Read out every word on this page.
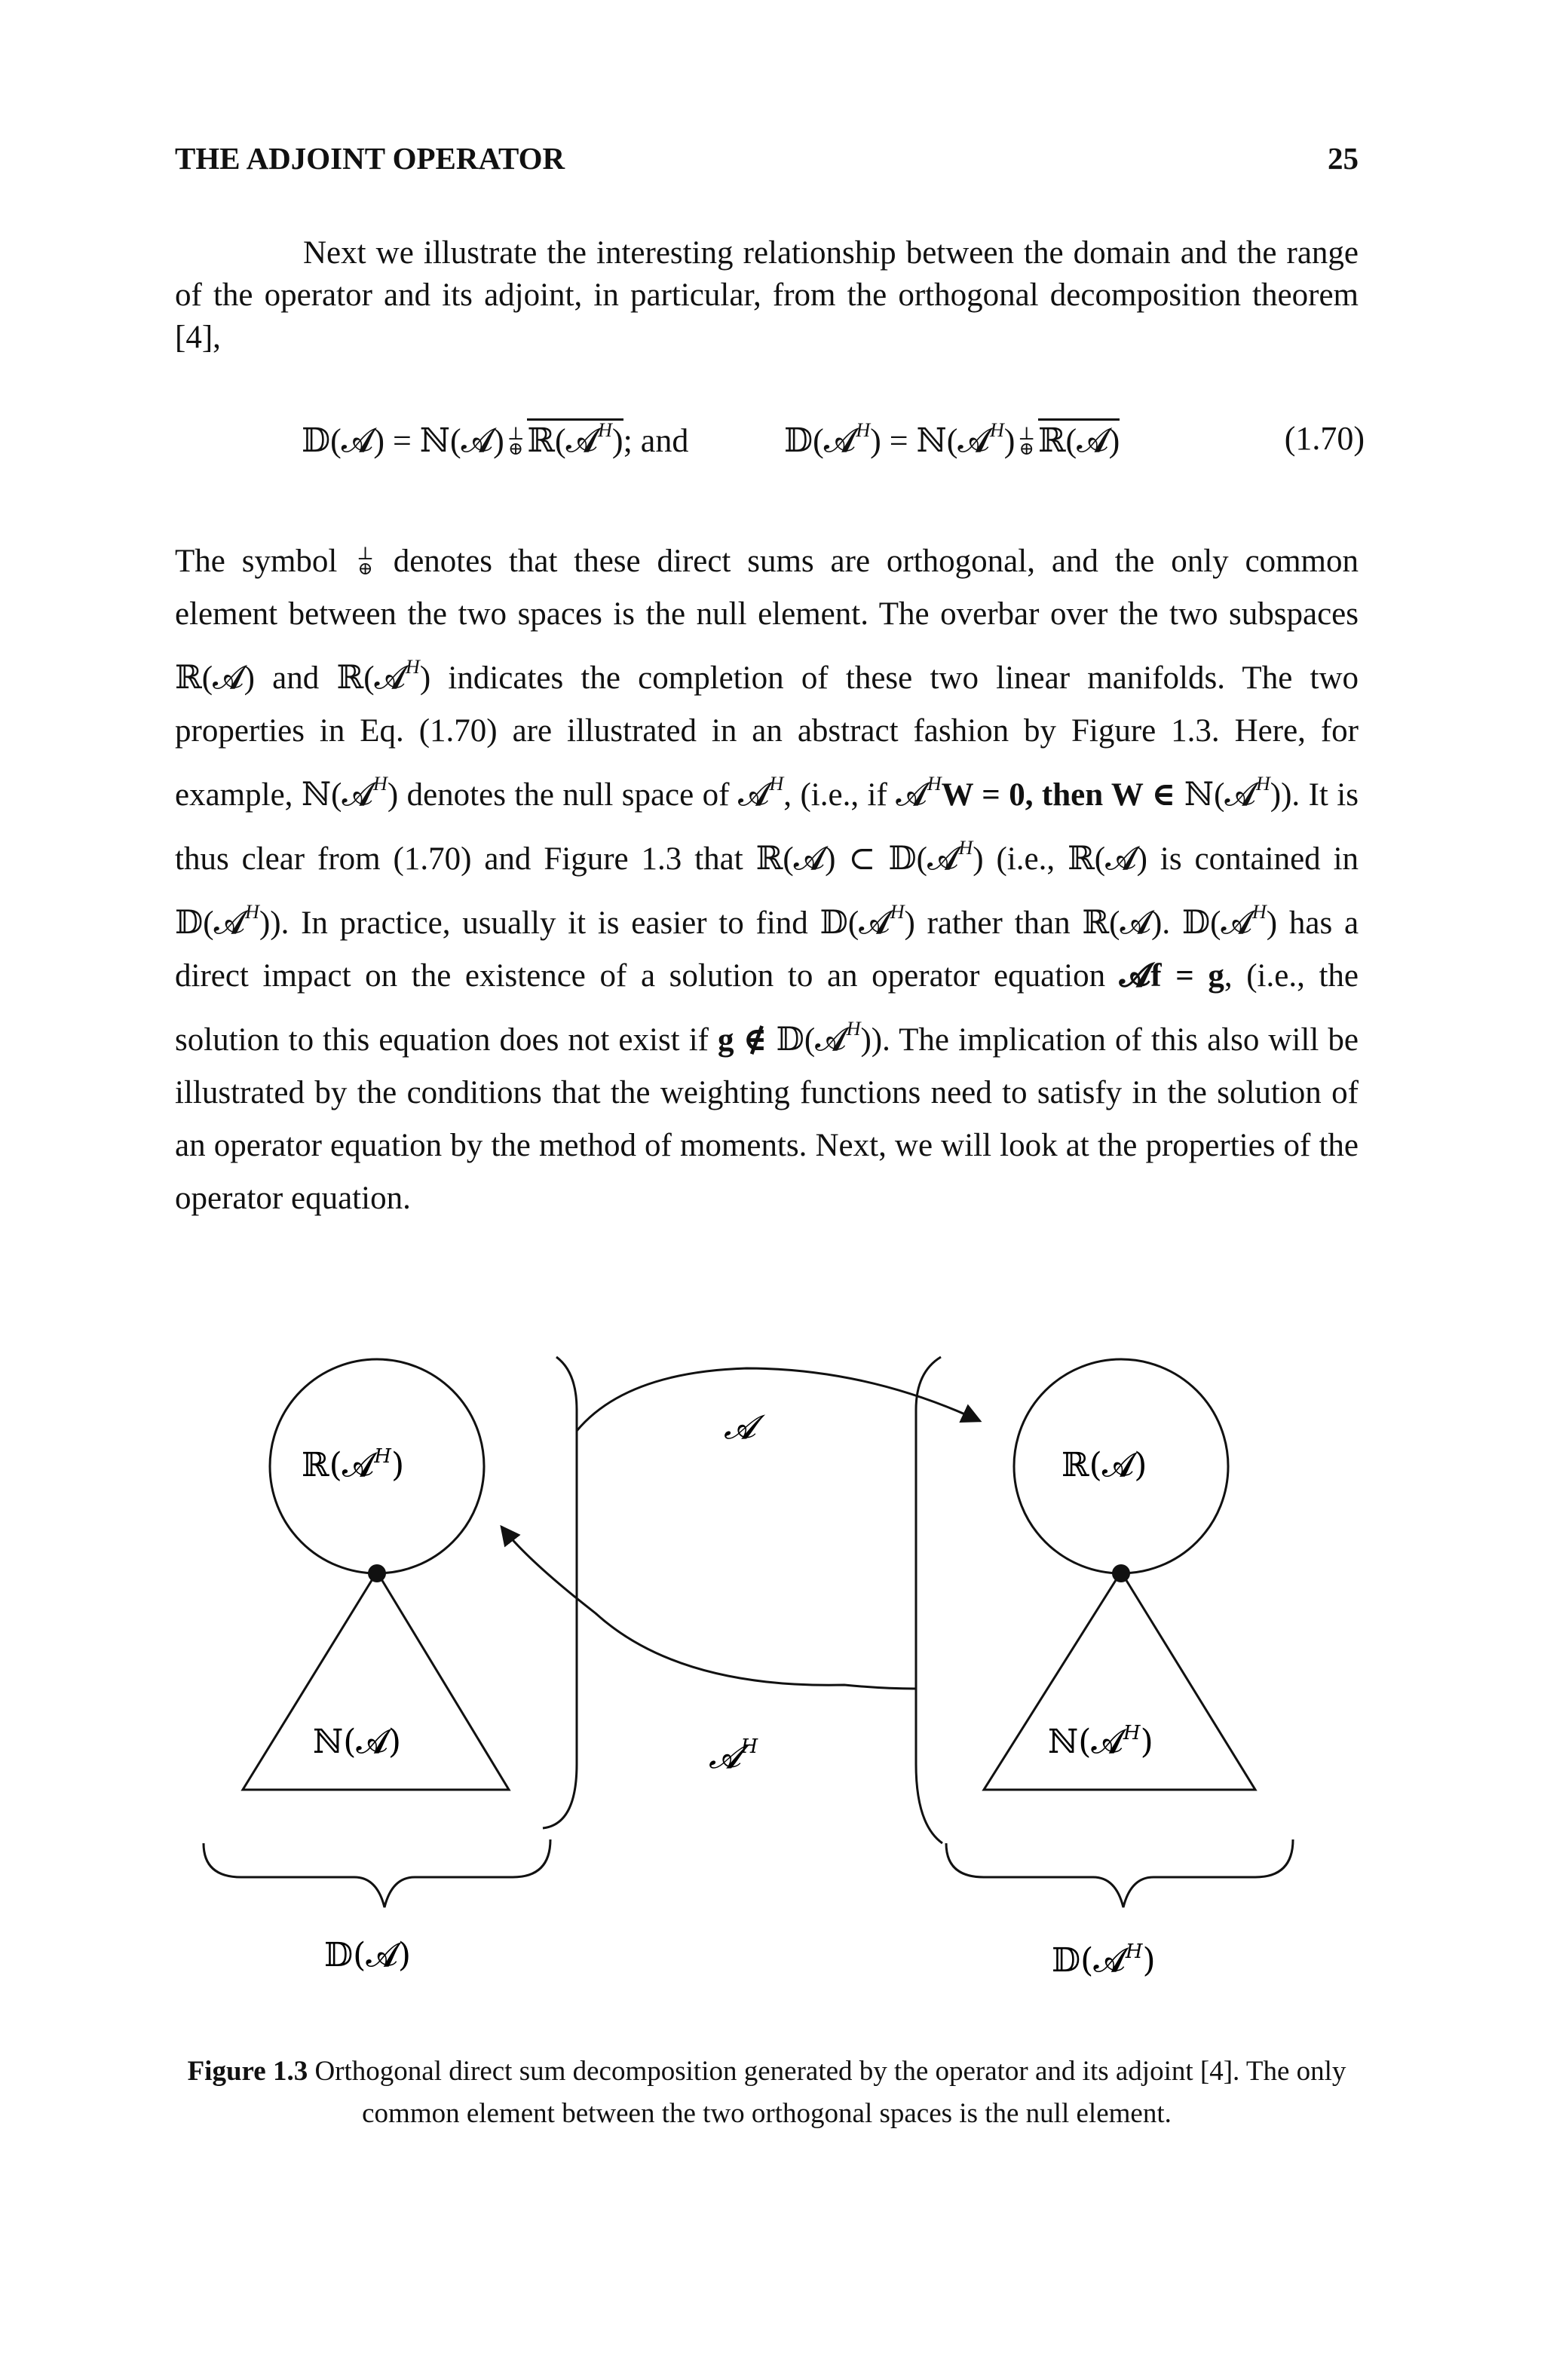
THE ADJOINT OPERATOR	25

Next we illustrate the interesting relationship between the domain and the range of the operator and its adjoint, in particular, from the orthogonal decomposition theorem [4],

𝔻(𝓐) = ℕ(𝓐) ⊥
⊕ ℝ(𝓐$^H$); and	𝔻(𝓐$^H$) = ℕ(𝓐$^H$) ⊥
⊕ ℝ(𝓐)	(1.70)

The symbol ⊥
⊕ denotes that these direct sums are orthogonal, and the only common element between the two spaces is the null element. The overbar over the two subspaces ℝ(𝓐) and ℝ(𝓐$^H$) indicates the completion of these two linear manifolds. The two properties in Eq. (1.70) are illustrated in an abstract fashion by Figure 1.3. Here, for example, ℕ(𝓐$^H$) denotes the null space of 𝓐$^H$, (i.e., if 𝓐$^H$W = 0, then W ∈ ℕ(𝓐$^H$)). It is thus clear from (1.70) and Figure 1.3 that ℝ(𝓐) ⊂ 𝔻(𝓐$^H$) (i.e., ℝ(𝓐) is contained in 𝔻(𝓐$^H$)). In practice, usually it is easier to find 𝔻(𝓐$^H$) rather than ℝ(𝓐). 𝔻(𝓐$^H$) has a direct impact on the existence of a solution to an operator equation 𝓐f = g, (i.e., the solution to this equation does not exist if g ∉ 𝔻(𝓐$^H$)). The implication of this also will be illustrated by the conditions that the weighting functions need to satisfy in the solution of an operator equation by the method of moments. Next, we will look at the properties of the operator equation.

ℝ(𝓐$^H$)	ℝ(𝓐)
ℕ(𝓐)	ℕ(𝓐$^H$)
𝔻(𝓐)	𝔻(𝓐$^H$)
𝓐
𝓐$^H$
Figure 1.3 Orthogonal direct sum decomposition generated by the operator and its adjoint [4]. The only common element between the two orthogonal spaces is the null element.
